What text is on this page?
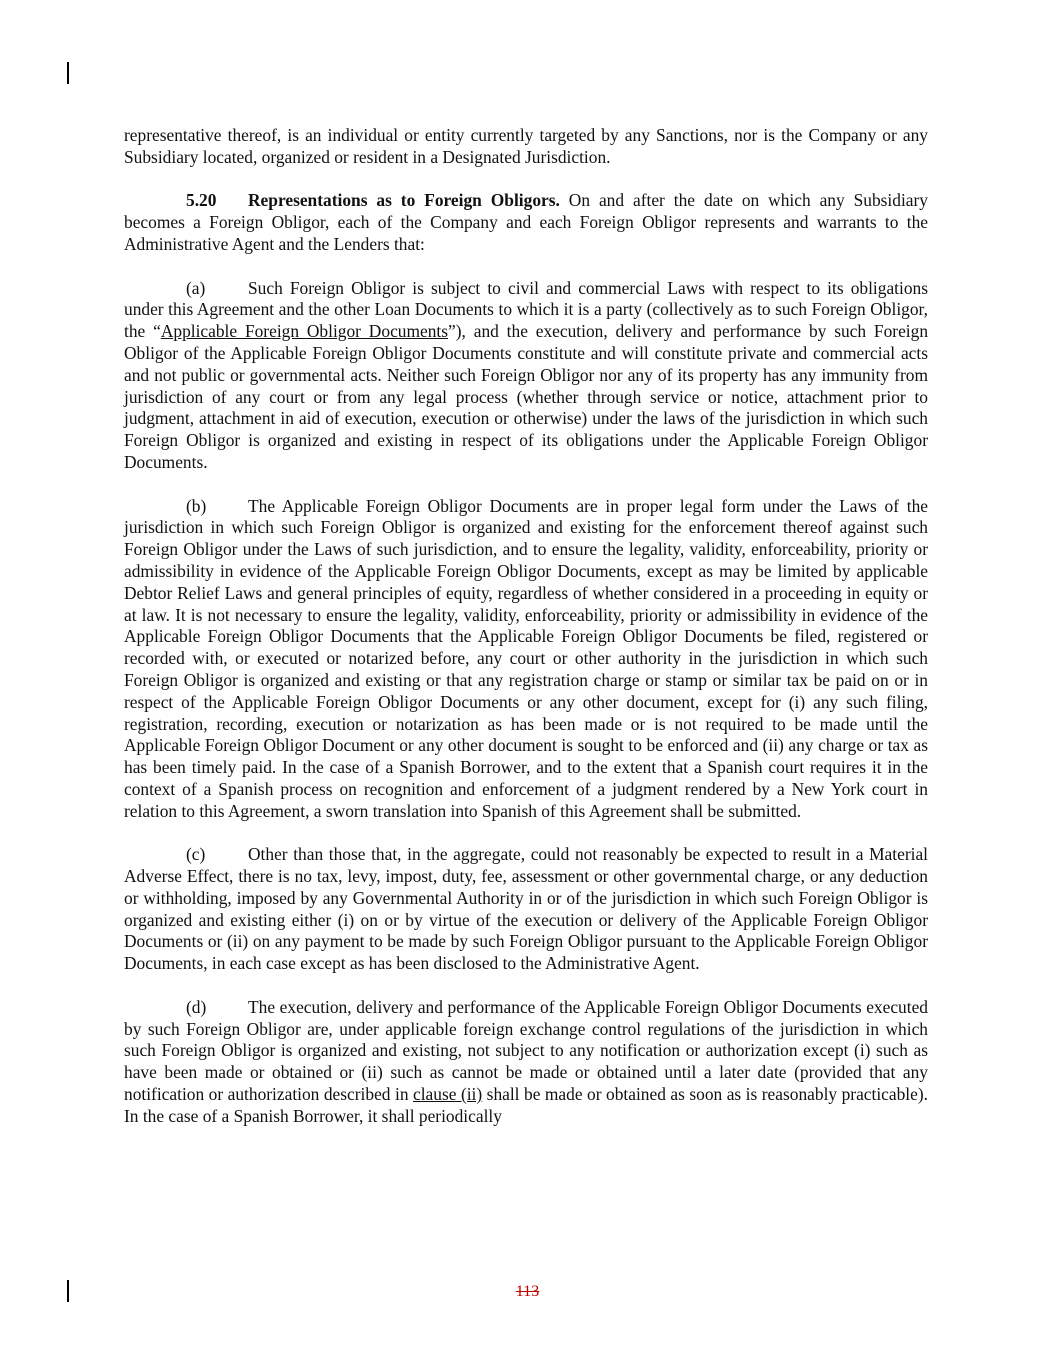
representative thereof, is an individual or entity currently targeted by any Sanctions, nor is the Company or any Subsidiary located, organized or resident in a Designated Jurisdiction.

5.20 Representations as to Foreign Obligors. On and after the date on which any Subsidiary becomes a Foreign Obligor, each of the Company and each Foreign Obligor represents and warrants to the Administrative Agent and the Lenders that:

(a) Such Foreign Obligor is subject to civil and commercial Laws with respect to its obligations under this Agreement and the other Loan Documents to which it is a party (collectively as to such Foreign Obligor, the “Applicable Foreign Obligor Documents”), and the execution, delivery and performance by such Foreign Obligor of the Applicable Foreign Obligor Documents constitute and will constitute private and commercial acts and not public or governmental acts. Neither such Foreign Obligor nor any of its property has any immunity from jurisdiction of any court or from any legal process (whether through service or notice, attachment prior to judgment, attachment in aid of execution, execution or otherwise) under the laws of the jurisdiction in which such Foreign Obligor is organized and existing in respect of its obligations under the Applicable Foreign Obligor Documents.

(b) The Applicable Foreign Obligor Documents are in proper legal form under the Laws of the jurisdiction in which such Foreign Obligor is organized and existing for the enforcement thereof against such Foreign Obligor under the Laws of such jurisdiction, and to ensure the legality, validity, enforceability, priority or admissibility in evidence of the Applicable Foreign Obligor Documents, except as may be limited by applicable Debtor Relief Laws and general principles of equity, regardless of whether considered in a proceeding in equity or at law. It is not necessary to ensure the legality, validity, enforceability, priority or admissibility in evidence of the Applicable Foreign Obligor Documents that the Applicable Foreign Obligor Documents be filed, registered or recorded with, or executed or notarized before, any court or other authority in the jurisdiction in which such Foreign Obligor is organized and existing or that any registration charge or stamp or similar tax be paid on or in respect of the Applicable Foreign Obligor Documents or any other document, except for (i) any such filing, registration, recording, execution or notarization as has been made or is not required to be made until the Applicable Foreign Obligor Document or any other document is sought to be enforced and (ii) any charge or tax as has been timely paid. In the case of a Spanish Borrower, and to the extent that a Spanish court requires it in the context of a Spanish process on recognition and enforcement of a judgment rendered by a New York court in relation to this Agreement, a sworn translation into Spanish of this Agreement shall be submitted.

(c) Other than those that, in the aggregate, could not reasonably be expected to result in a Material Adverse Effect, there is no tax, levy, impost, duty, fee, assessment or other governmental charge, or any deduction or withholding, imposed by any Governmental Authority in or of the jurisdiction in which such Foreign Obligor is organized and existing either (i) on or by virtue of the execution or delivery of the Applicable Foreign Obligor Documents or (ii) on any payment to be made by such Foreign Obligor pursuant to the Applicable Foreign Obligor Documents, in each case except as has been disclosed to the Administrative Agent.

(d) The execution, delivery and performance of the Applicable Foreign Obligor Documents executed by such Foreign Obligor are, under applicable foreign exchange control regulations of the jurisdiction in which such Foreign Obligor is organized and existing, not subject to any notification or authorization except (i) such as have been made or obtained or (ii) such as cannot be made or obtained until a later date (provided that any notification or authorization described in clause (ii) shall be made or obtained as soon as is reasonably practicable). In the case of a Spanish Borrower, it shall periodically

113
